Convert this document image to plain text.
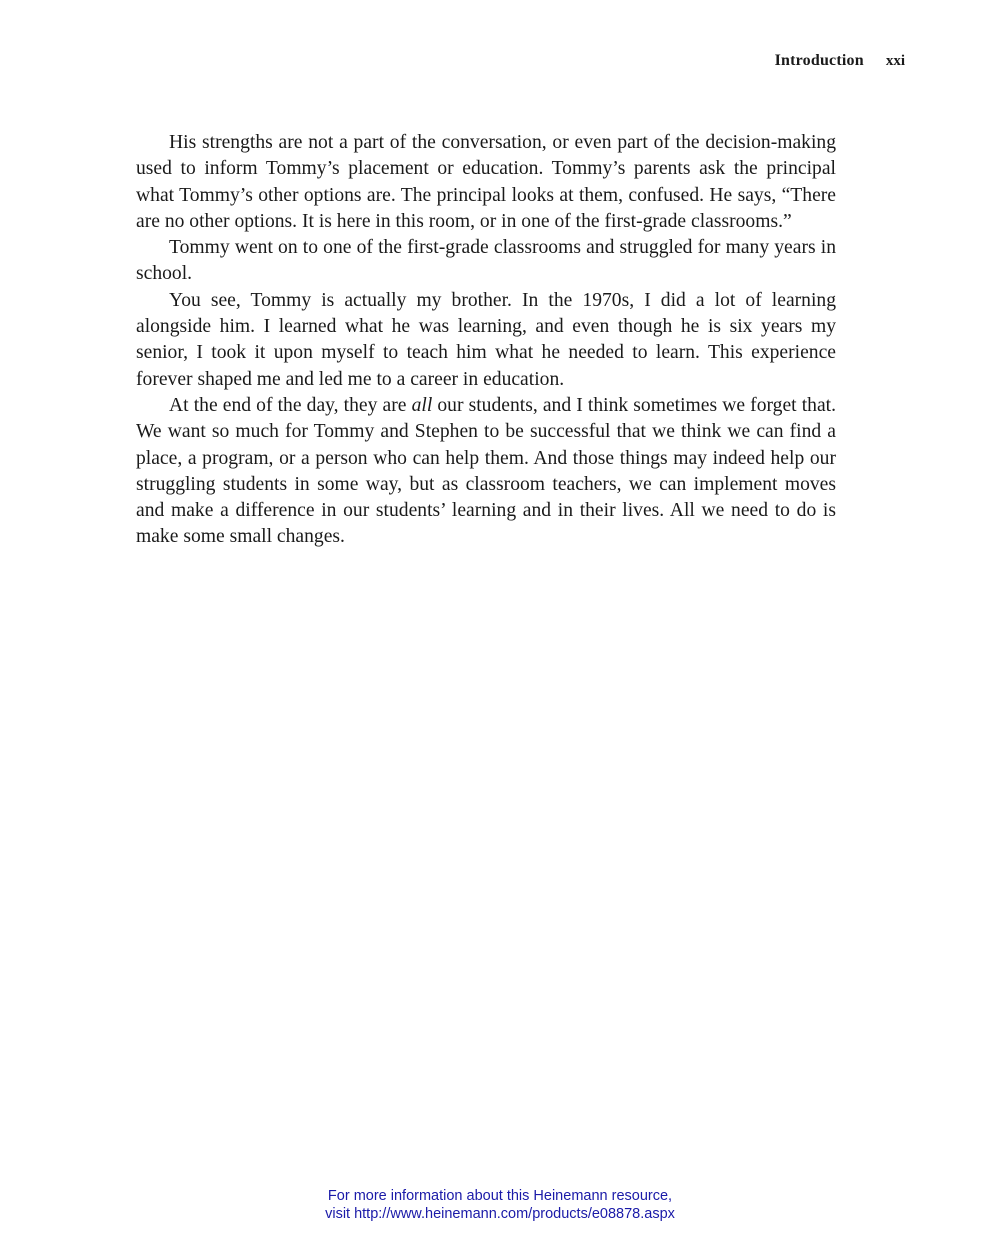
Introduction xxi

His strengths are not a part of the conversation, or even part of the decision-making used to inform Tommy’s placement or education. Tommy’s parents ask the principal what Tommy’s other options are. The principal looks at them, confused. He says, “There are no other options. It is here in this room, or in one of the first-grade classrooms.”

Tommy went on to one of the first-grade classrooms and struggled for many years in school.

You see, Tommy is actually my brother. In the 1970s, I did a lot of learning alongside him. I learned what he was learning, and even though he is six years my senior, I took it upon myself to teach him what he needed to learn. This experience forever shaped me and led me to a career in education.

At the end of the day, they are all our students, and I think sometimes we forget that. We want so much for Tommy and Stephen to be successful that we think we can find a place, a program, or a person who can help them. And those things may indeed help our struggling students in some way, but as classroom teachers, we can implement moves and make a difference in our students’ learning and in their lives. All we need to do is make some small changes.

For more information about this Heinemann resource,
visit http://www.heinemann.com/products/e08878.aspx
